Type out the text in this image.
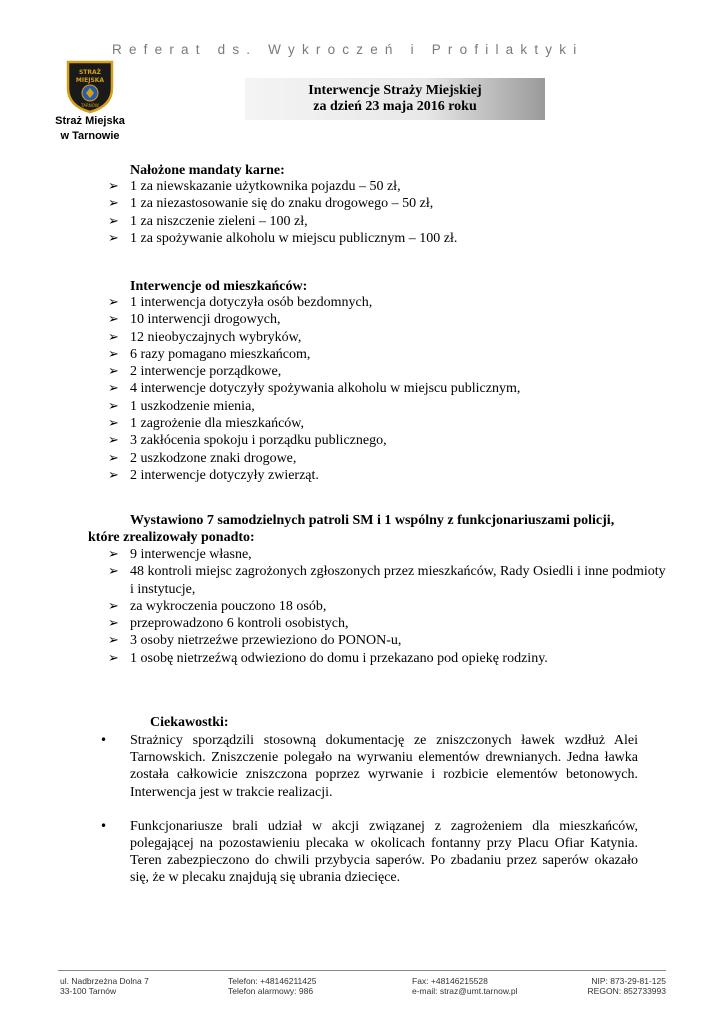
Referat ds. Wykroczeń i Profilaktyki
STRAŻ
MIEJSKA
TARNÓW
Straż Miejska
w Tarnowie
Interwencje Straży Miejskiej
za dzień 23 maja 2016 roku
Nałożone mandaty karne:
➢ 1 za niewskazanie użytkownika pojazdu – 50 zł,
➢ 1 za niezastosowanie się do znaku drogowego – 50 zł,
➢ 1 za niszczenie zieleni – 100 zł,
➢ 1 za spożywanie alkoholu w miejscu publicznym – 100 zł.
Interwencje od mieszkańców:
➢ 1 interwencja dotyczyła osób bezdomnych,
➢ 10 interwencji drogowych,
➢ 12 nieobyczajnych wybryków,
➢ 6 razy pomagano mieszkańcom,
➢ 2 interwencje porządkowe,
➢ 4 interwencje dotyczyły spożywania alkoholu w miejscu publicznym,
➢ 1 uszkodzenie mienia,
➢ 1 zagrożenie dla mieszkańców,
➢ 3 zakłócenia spokoju i porządku publicznego,
➢ 2 uszkodzone znaki drogowe,
➢ 2 interwencje dotyczyły zwierząt.
Wystawiono 7 samodzielnych patroli SM i 1 wspólny z funkcjonariuszami policji,
które zrealizowały ponadto:
➢ 9 interwencje własne,
➢ 48 kontroli miejsc zagrożonych zgłoszonych przez mieszkańców, Rady Osiedli i inne podmioty i instytucje,
➢ za wykroczenia pouczono 18 osób,
➢ przeprowadzono 6 kontroli osobistych,
➢ 3 osoby nietrzeźwe przewieziono do PONON-u,
➢ 1 osobę nietrzeźwą odwieziono do domu i przekazano pod opiekę rodziny.
Ciekawostki:
• Strażnicy sporządzili stosowną dokumentację ze zniszczonych ławek wzdłuż Alei Tarnowskich. Zniszczenie polegało na wyrwaniu elementów drewnianych. Jedna ławka została całkowicie zniszczona poprzez wyrwanie i rozbicie elementów betonowych. Interwencja jest w trakcie realizacji.
• Funkcjonariusze brali udział w akcji związanej z zagrożeniem dla mieszkańców, polegającej na pozostawieniu plecaka w okolicach fontanny przy Placu Ofiar Katynia. Teren zabezpieczono do chwili przybycia saperów. Po zbadaniu przez saperów okazało się, że w plecaku znajdują się ubrania dziecięce.
ul. Nadbrzeżna Dolna 7
33-100 Tarnów
Telefon: +48146211425
Telefon alarmowy: 986
Fax: +48146215528
e-mail: straz@umt.tarnow.pl
NIP: 873-29-81-125
REGON: 852733993
